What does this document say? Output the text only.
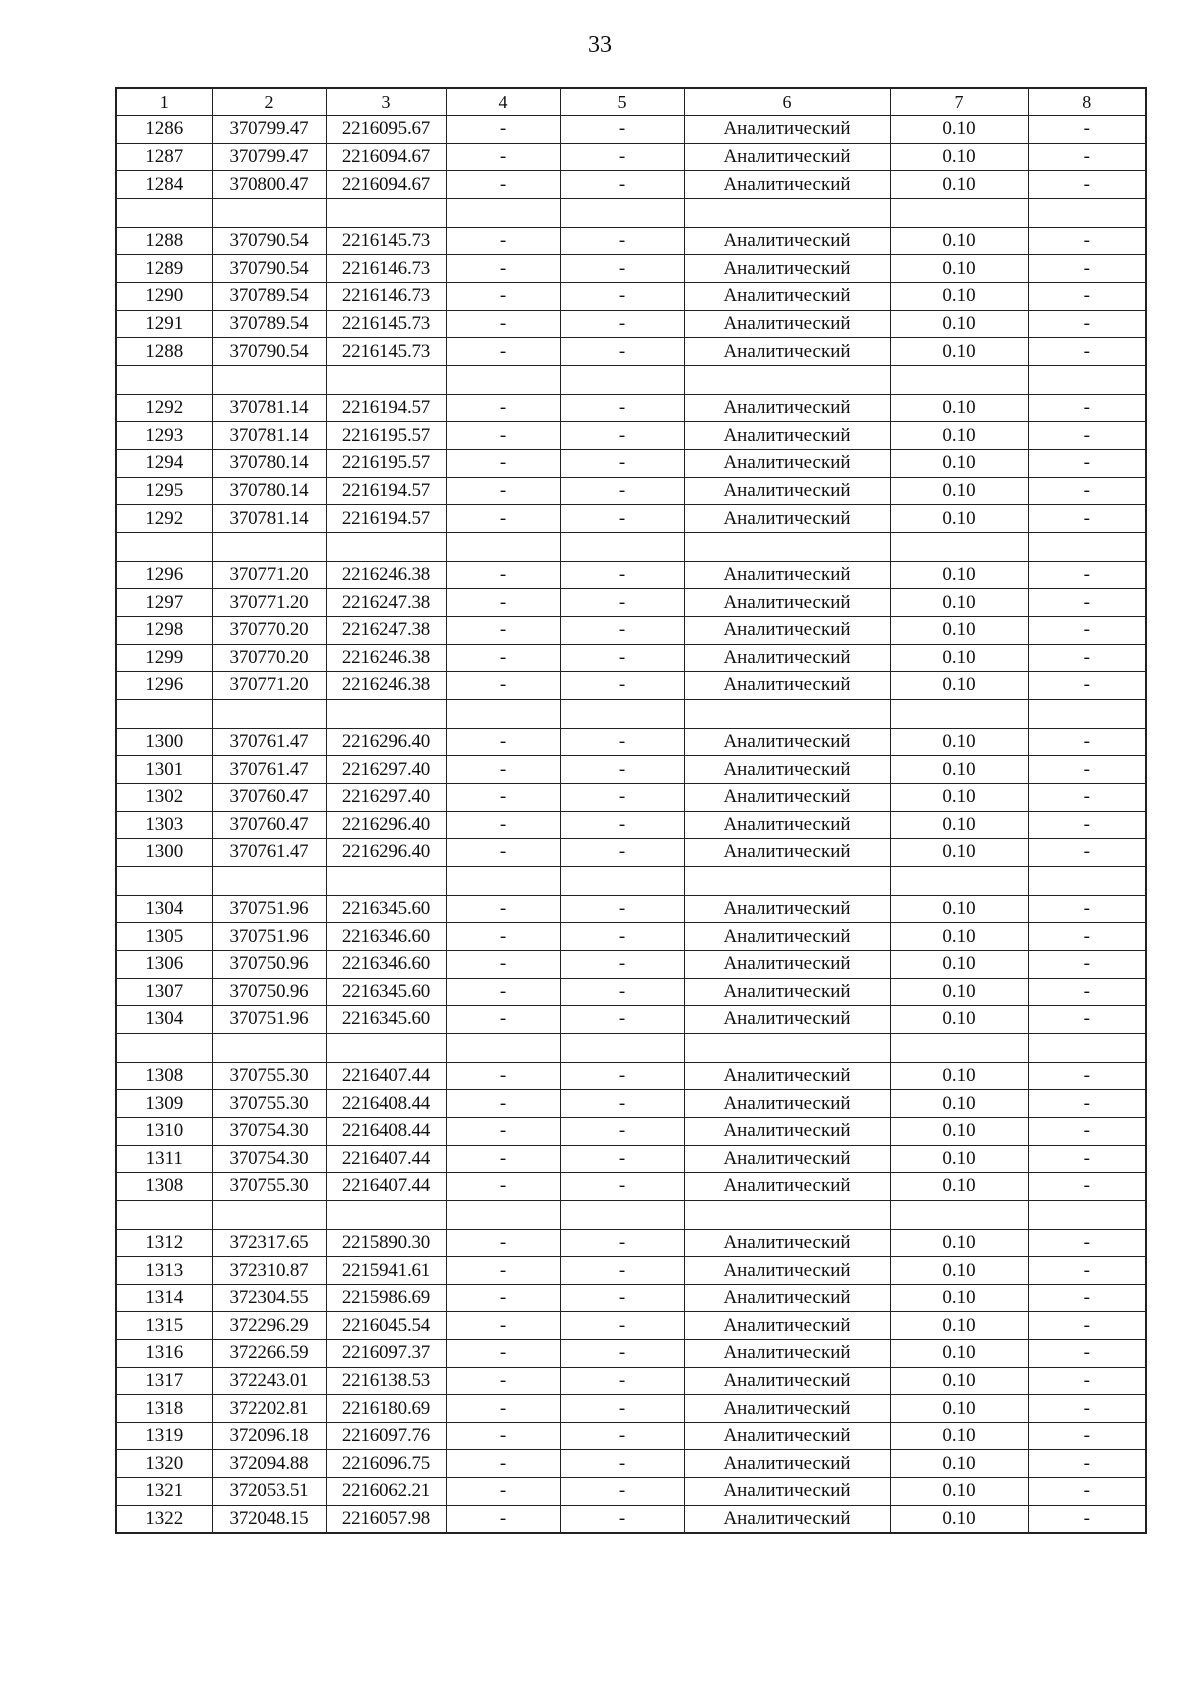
33
1	2	3	4	5	6	7	8
1286	370799.47	2216095.67	-	-	Аналитический	0.10	-
1287	370799.47	2216094.67	-	-	Аналитический	0.10	-
1284	370800.47	2216094.67	-	-	Аналитический	0.10	-

1288	370790.54	2216145.73	-	-	Аналитический	0.10	-
1289	370790.54	2216146.73	-	-	Аналитический	0.10	-
1290	370789.54	2216146.73	-	-	Аналитический	0.10	-
1291	370789.54	2216145.73	-	-	Аналитический	0.10	-
1288	370790.54	2216145.73	-	-	Аналитический	0.10	-

1292	370781.14	2216194.57	-	-	Аналитический	0.10	-
1293	370781.14	2216195.57	-	-	Аналитический	0.10	-
1294	370780.14	2216195.57	-	-	Аналитический	0.10	-
1295	370780.14	2216194.57	-	-	Аналитический	0.10	-
1292	370781.14	2216194.57	-	-	Аналитический	0.10	-

1296	370771.20	2216246.38	-	-	Аналитический	0.10	-
1297	370771.20	2216247.38	-	-	Аналитический	0.10	-
1298	370770.20	2216247.38	-	-	Аналитический	0.10	-
1299	370770.20	2216246.38	-	-	Аналитический	0.10	-
1296	370771.20	2216246.38	-	-	Аналитический	0.10	-

1300	370761.47	2216296.40	-	-	Аналитический	0.10	-
1301	370761.47	2216297.40	-	-	Аналитический	0.10	-
1302	370760.47	2216297.40	-	-	Аналитический	0.10	-
1303	370760.47	2216296.40	-	-	Аналитический	0.10	-
1300	370761.47	2216296.40	-	-	Аналитический	0.10	-

1304	370751.96	2216345.60	-	-	Аналитический	0.10	-
1305	370751.96	2216346.60	-	-	Аналитический	0.10	-
1306	370750.96	2216346.60	-	-	Аналитический	0.10	-
1307	370750.96	2216345.60	-	-	Аналитический	0.10	-
1304	370751.96	2216345.60	-	-	Аналитический	0.10	-

1308	370755.30	2216407.44	-	-	Аналитический	0.10	-
1309	370755.30	2216408.44	-	-	Аналитический	0.10	-
1310	370754.30	2216408.44	-	-	Аналитический	0.10	-
1311	370754.30	2216407.44	-	-	Аналитический	0.10	-
1308	370755.30	2216407.44	-	-	Аналитический	0.10	-

1312	372317.65	2215890.30	-	-	Аналитический	0.10	-
1313	372310.87	2215941.61	-	-	Аналитический	0.10	-
1314	372304.55	2215986.69	-	-	Аналитический	0.10	-
1315	372296.29	2216045.54	-	-	Аналитический	0.10	-
1316	372266.59	2216097.37	-	-	Аналитический	0.10	-
1317	372243.01	2216138.53	-	-	Аналитический	0.10	-
1318	372202.81	2216180.69	-	-	Аналитический	0.10	-
1319	372096.18	2216097.76	-	-	Аналитический	0.10	-
1320	372094.88	2216096.75	-	-	Аналитический	0.10	-
1321	372053.51	2216062.21	-	-	Аналитический	0.10	-
1322	372048.15	2216057.98	-	-	Аналитический	0.10	-
